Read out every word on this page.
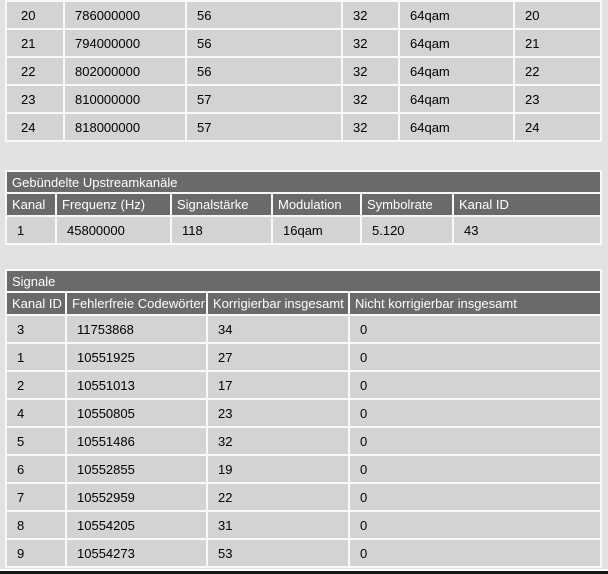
20	786000000	56	32	64qam	20
21	794000000	56	32	64qam	21
22	802000000	56	32	64qam	22
23	810000000	57	32	64qam	23
24	818000000	57	32	64qam	24
Gebündelte Upstreamkanäle					
Kanal	Frequenz (Hz)	Signalstärke	Modulation	Symbolrate	Kanal ID
1	45800000	118	16qam	5.120	43
Signale			
Kanal ID	Fehlerfreie Codewörter	Korrigierbar insgesamt	Nicht korrigierbar insgesamt
3	11753868	34	0
1	10551925	27	0
2	10551013	17	0
4	10550805	23	0
5	10551486	32	0
6	10552855	19	0
7	10552959	22	0
8	10554205	31	0
9	10554273	53	0
